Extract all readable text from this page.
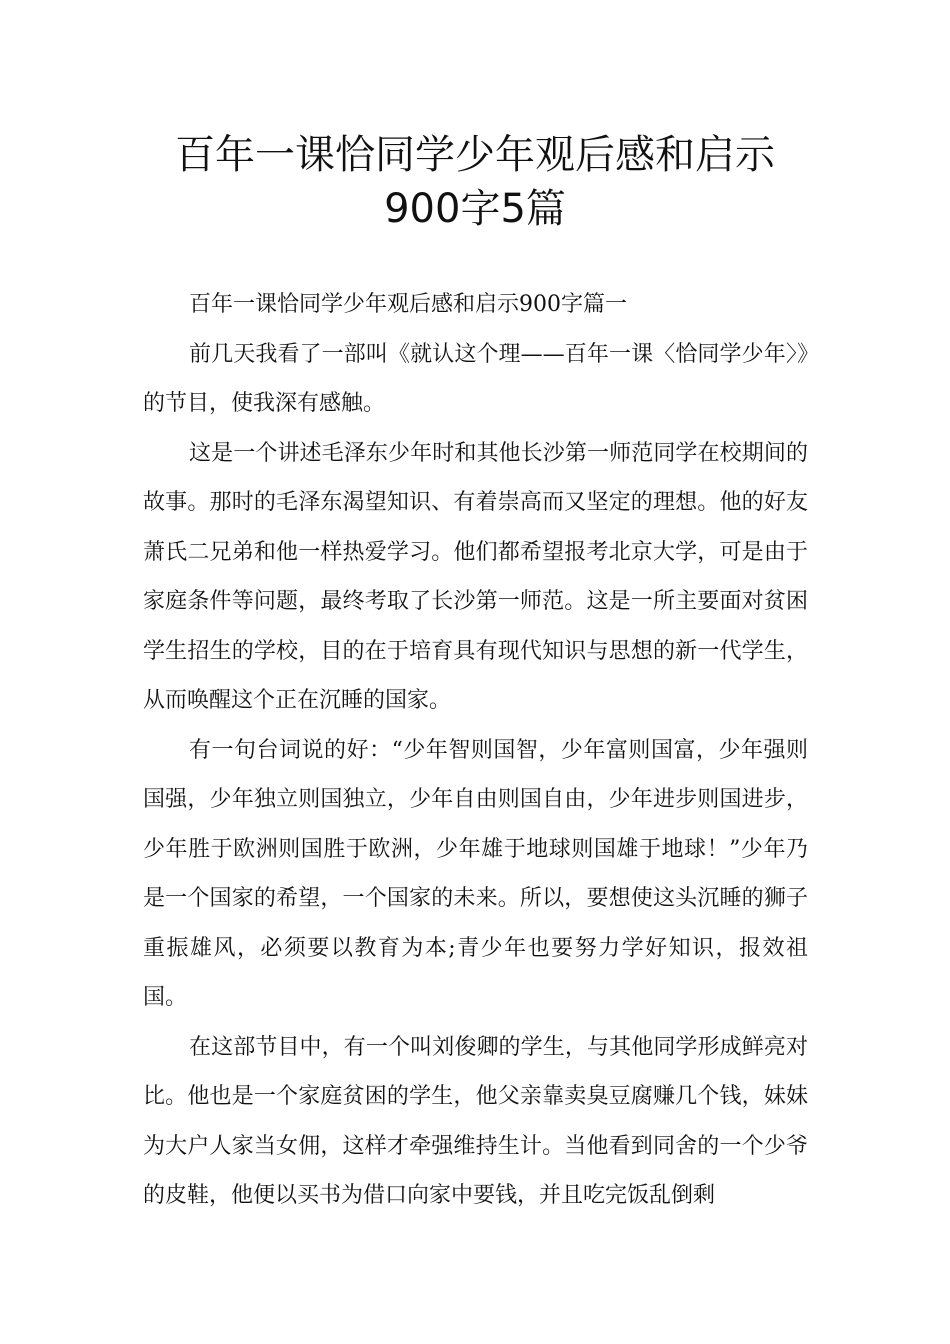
百年一课恰同学少年观后感和启示900字5篇

百年一课恰同学少年观后感和启示900字篇一

前几天我看了一部叫《就认这个理——百年一课〈恰同学少年〉》的节目，使我深有感触。

这是一个讲述毛泽东少年时和其他长沙第一师范同学在校期间的故事。那时的毛泽东渴望知识、有着崇高而又坚定的理想。他的好友萧氏二兄弟和他一样热爱学习。他们都希望报考北京大学，可是由于家庭条件等问题，最终考取了长沙第一师范。这是一所主要面对贫困学生招生的学校，目的在于培育具有现代知识与思想的新一代学生，从而唤醒这个正在沉睡的国家。

有一句台词说的好：“少年智则国智，少年富则国富，少年强则国强，少年独立则国独立，少年自由则国自由，少年进步则国进步，少年胜于欧洲则国胜于欧洲，少年雄于地球则国雄于地球！”少年乃是一个国家的希望，一个国家的未来。所以，要想使这头沉睡的狮子重振雄风，必须要以教育为本;青少年也要努力学好知识，报效祖国。

在这部节目中，有一个叫刘俊卿的学生，与其他同学形成鲜亮对比。他也是一个家庭贫困的学生，他父亲靠卖臭豆腐赚几个钱，妹妹为大户人家当女佣，这样才牵强维持生计。当他看到同舍的一个少爷的皮鞋，他便以买书为借口向家中要钱，并且吃完饭乱倒剩
